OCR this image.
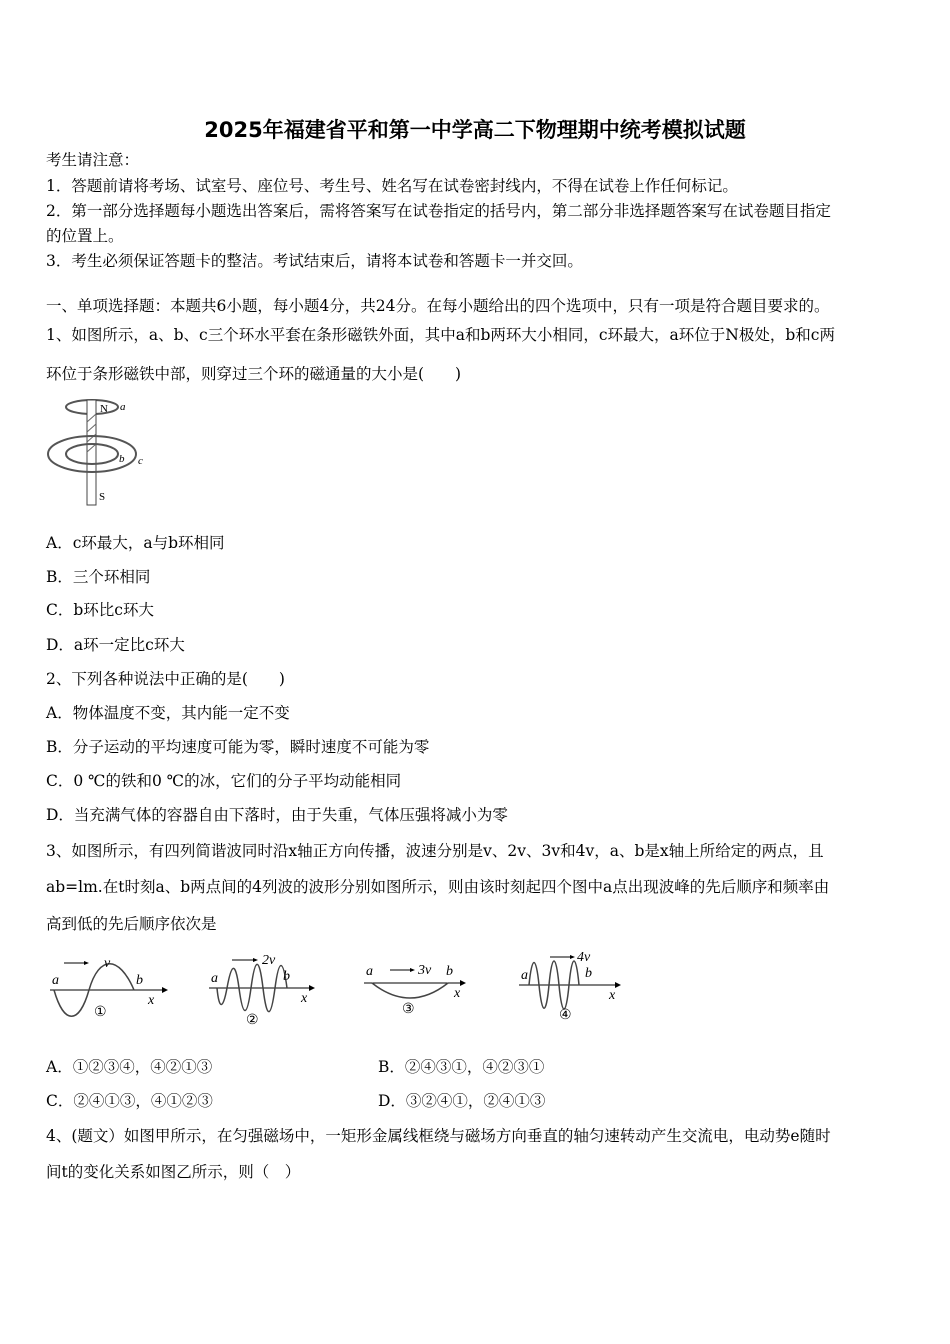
2025年福建省平和第一中学高二下物理期中统考模拟试题
考生请注意：
1．答题前请将考场、试室号、座位号、考生号、姓名写在试卷密封线内，不得在试卷上作任何标记。
2．第一部分选择题每小题选出答案后，需将答案写在试卷指定的括号内，第二部分非选择题答案写在试卷题目指定
的位置上。
3．考生必须保证答题卡的整洁。考试结束后，请将本试卷和答题卡一并交回。
一、单项选择题：本题共6小题，每小题4分，共24分。在每小题给出的四个选项中，只有一项是符合题目要求的。
1、如图所示，a、b、c三个环水平套在条形磁铁外面，其中a和b两环大小相同，c环最大，a环位于N极处，b和c两
环位于条形磁铁中部，则穿过三个环的磁通量的大小是(　　)
N a
b c
S
A．c环最大，a与b环相同
B．三个环相同
C．b环比c环大
D．a环一定比c环大
2、下列各种说法中正确的是(　　)
A．物体温度不变，其内能一定不变
B．分子运动的平均速度可能为零，瞬时速度不可能为零
C．0 ℃的铁和0 ℃的冰，它们的分子平均动能相同
D．当充满气体的容器自由下落时，由于失重，气体压强将减小为零
3、如图所示，有四列简谐波同时沿x轴正方向传播，波速分别是v、2v、3v和4v，a、b是x轴上所给定的两点，且
ab=lm.在t时刻a、b两点间的4列波的波形分别如图所示，则由该时刻起四个图中a点出现波峰的先后顺序和频率由
高到低的先后顺序依次是
v
a	b
x
①
2v
a	b
x
②
3v
a	b
x
③
4v
a	b
x
④
A．①②③④，④②①③	B．②④③①，④②③①
C．②④①③，④①②③	D．③②④①，②④①③
4、(题文）如图甲所示，在匀强磁场中，一矩形金属线框绕与磁场方向垂直的轴匀速转动产生交流电，电动势e随时
间t的变化关系如图乙所示，则（　）
